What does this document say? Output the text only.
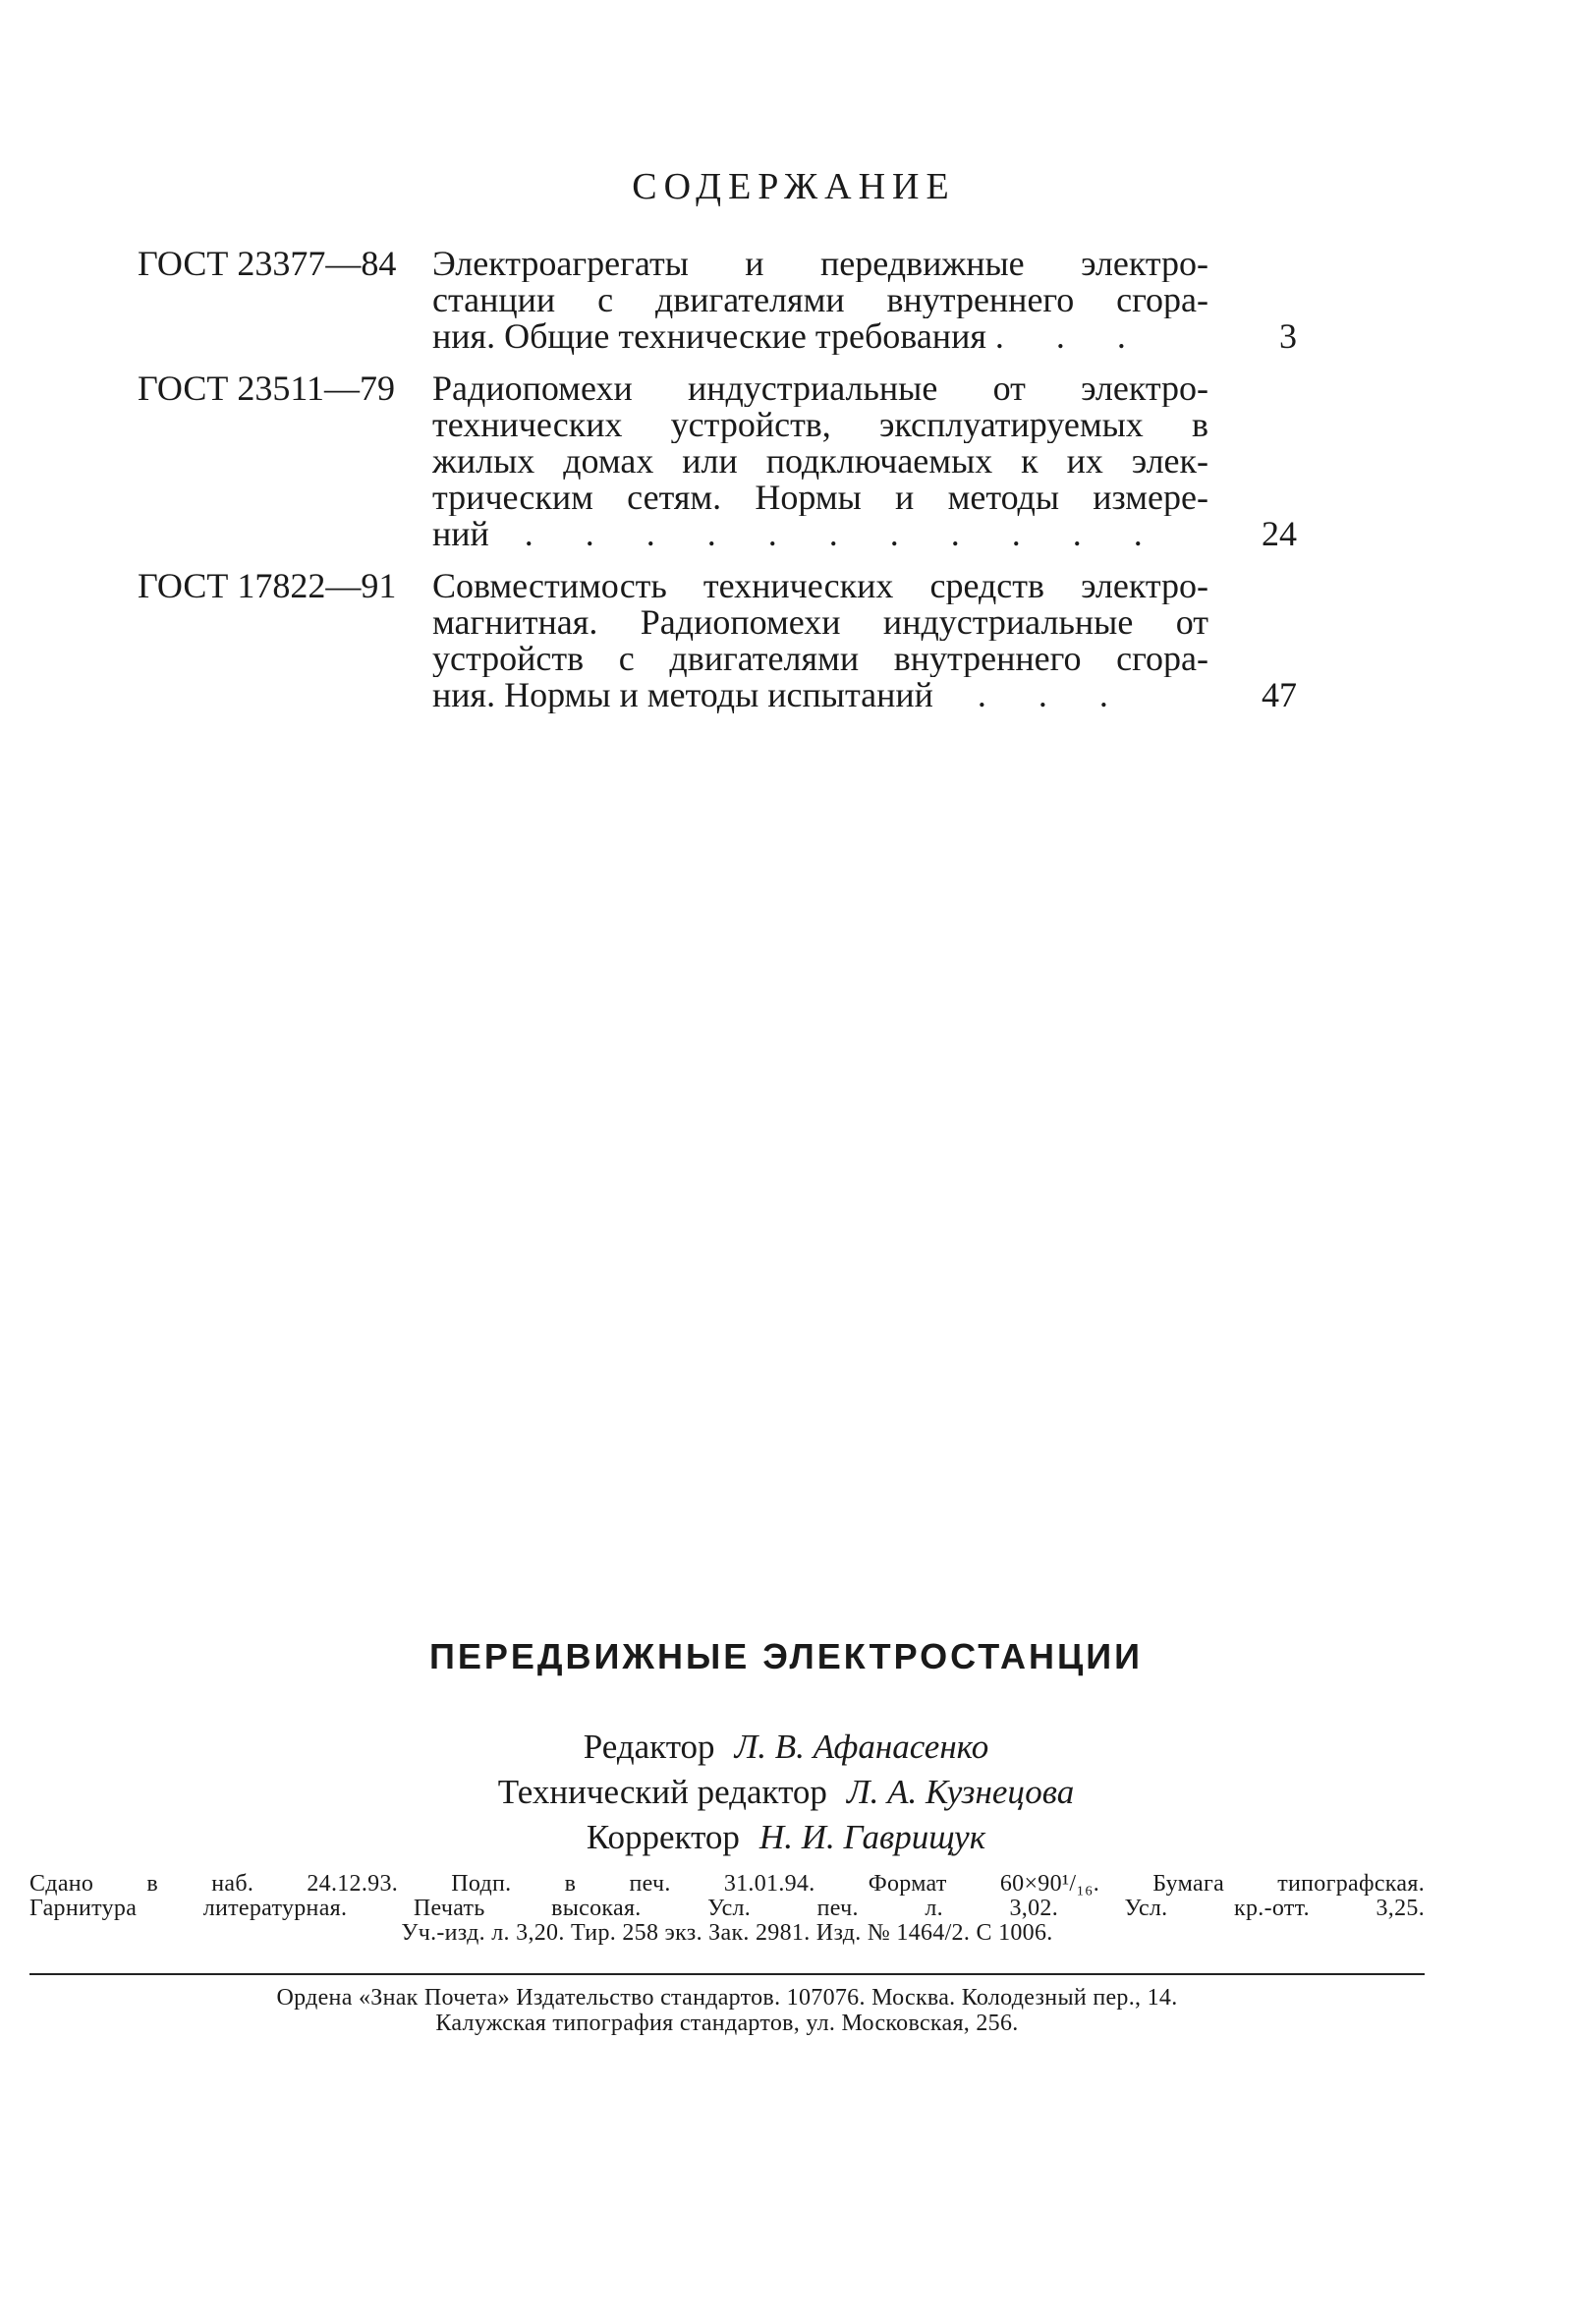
СОДЕРЖАНИЕ
ГОСТ 23377—84 Электроагрегаты и передвижные электро-
станции с двигателями внутреннего сгора-
ния. Общие технические требования . . .	3
ГОСТ 23511—79 Радиопомехи индустриальные от электро-
технических устройств, эксплуатируемых в
жилых домах или подключаемых к их элек-
трическим сетям. Нормы и методы измере-
ний . . . . . . . . . . .	24
ГОСТ 17822—91 Совместимость технических средств электро-
магнитная. Радиопомехи индустриальные от
устройств с двигателями внутреннего сгора-
ния. Нормы и методы испытаний . . .	47
ПЕРЕДВИЖНЫЕ ЭЛЕКТРОСТАНЦИИ
Редактор Л. В. Афанасенко
Технический редактор Л. А. Кузнецова
Корректор Н. И. Гаврищук
Сдано в наб. 24.12.93. Подп. в печ. 31.01.94. Формат 60×90¹/₁₆. Бумага типографская.
Гарнитура литературная. Печать высокая. Усл. печ. л. 3,02. Усл. кр.-отт. 3,25.
Уч.-изд. л. 3,20. Тир. 258 экз. Зак. 2981. Изд. № 1464/2. С 1006.
Ордена «Знак Почета» Издательство стандартов. 107076. Москва. Колодезный пер., 14.
Калужская типография стандартов, ул. Московская, 256.
